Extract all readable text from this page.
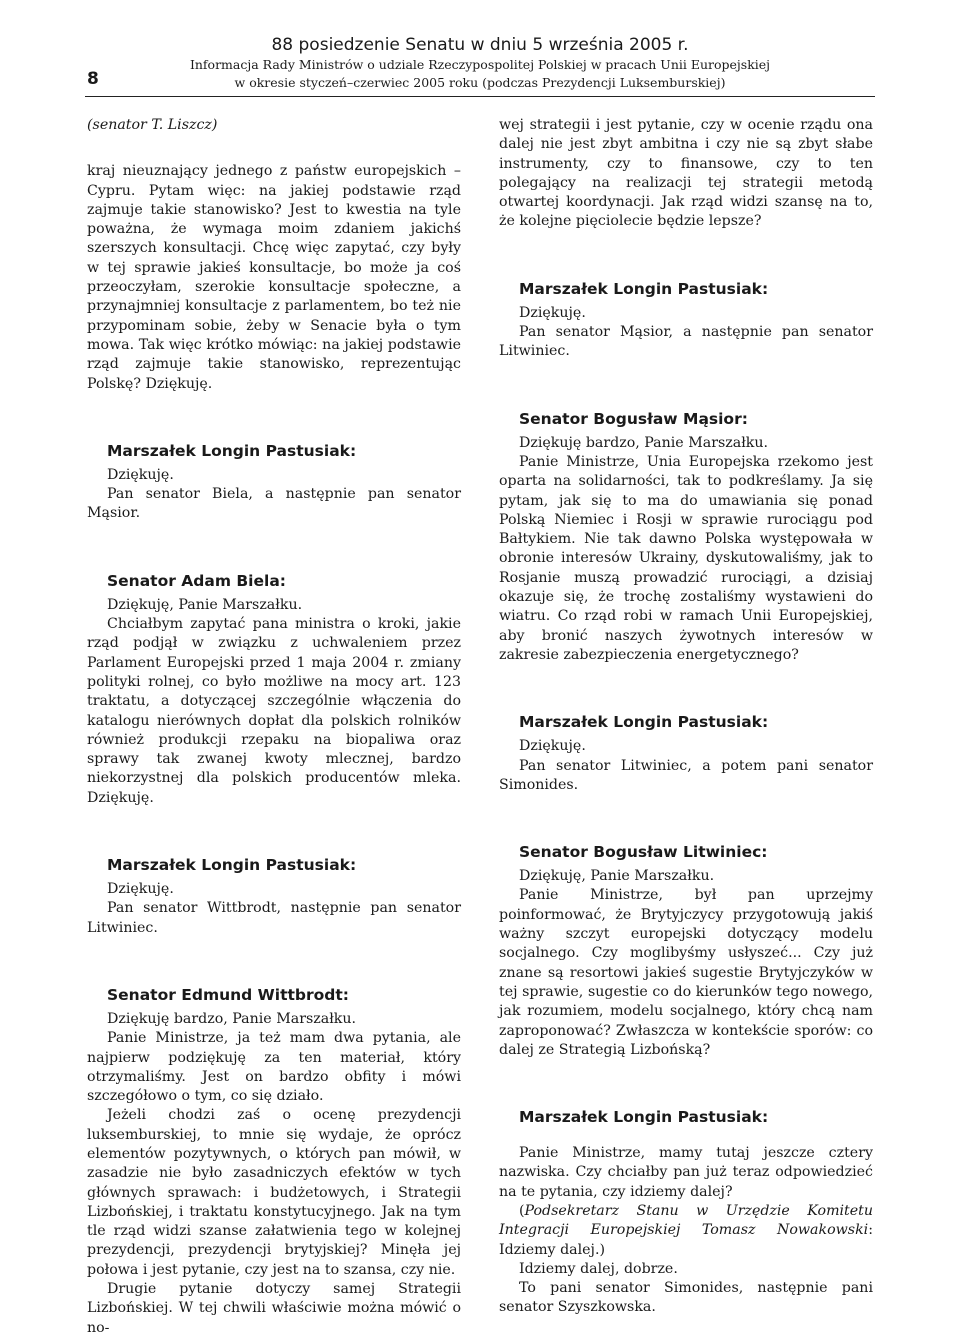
8
88 posiedzenie Senatu w dniu 5 września 2005 r.
Informacja Rady Ministrów o udziale Rzeczypospolitej Polskiej w pracach Unii Europejskiej
w okresie styczeń–czerwiec 2005 roku (podczas Prezydencji Luksemburskiej)

(senator T. Liszcz)

kraj nieuznający jednego z państw europejskich – Cypru. Pytam więc: na jakiej podstawie rząd zajmuje takie stanowisko? Jest to kwestia na tyle poważna, że wymaga moim zdaniem jakichś szerszych konsultacji. Chcę więc zapytać, czy były w tej sprawie jakieś konsultacje, bo może ja coś przeoczyłam, szerokie konsultacje społeczne, a przynajmniej konsultacje z parlamentem, bo też nie przypominam sobie, żeby w Senacie była o tym mowa. Tak więc krótko mówiąc: na jakiej podstawie rząd zajmuje takie stanowisko, reprezentując Polskę? Dziękuję.

Marszałek Longin Pastusiak:

Dziękuję.

Pan senator Biela, a następnie pan senator Mąsior.

Senator Adam Biela:

Dziękuję, Panie Marszałku.

Chciałbym zapytać pana ministra o kroki, jakie rząd podjął w związku z uchwaleniem przez Parlament Europejski przed 1 maja 2004 r. zmiany polityki rolnej, co było możliwe na mocy art. 123 traktatu, a dotyczącej szczególnie włączenia do katalogu nierównych dopłat dla polskich rolników również produkcji rzepaku na biopaliwa oraz sprawy tak zwanej kwoty mlecznej, bardzo niekorzystnej dla polskich producentów mleka. Dziękuję.

Marszałek Longin Pastusiak:

Dziękuję.

Pan senator Wittbrodt, następnie pan senator Litwiniec.

Senator Edmund Wittbrodt:

Dziękuję bardzo, Panie Marszałku.

Panie Ministrze, ja też mam dwa pytania, ale najpierw podziękuję za ten materiał, który otrzymaliśmy. Jest on bardzo obfity i mówi szczegółowo o tym, co się działo.

Jeżeli chodzi zaś o ocenę prezydencji luksemburskiej, to mnie się wydaje, że oprócz elementów pozytywnych, o których pan mówił, w zasadzie nie było zasadniczych efektów w tych głównych sprawach: i budżetowych, i Strategii Lizbońskiej, i traktatu konstytucyjnego. Jak na tym tle rząd widzi szanse załatwienia tego w kolejnej prezydencji, prezydencji brytyjskiej? Minęła jej połowa i jest pytanie, czy jest na to szansa, czy nie.

Drugie pytanie dotyczy samej Strategii Lizbońskiej. W tej chwili właściwie można mówić o no-

wej strategii i jest pytanie, czy w ocenie rządu ona dalej nie jest zbyt ambitna i czy nie są zbyt słabe instrumenty, czy to finansowe, czy to ten polegający na realizacji tej strategii metodą otwartej koordynacji. Jak rząd widzi szansę na to, że kolejne pięciolecie będzie lepsze?

Marszałek Longin Pastusiak:

Dziękuję.

Pan senator Mąsior, a następnie pan senator Litwiniec.

Senator Bogusław Mąsior:

Dziękuję bardzo, Panie Marszałku.

Panie Ministrze, Unia Europejska rzekomo jest oparta na solidarności, tak to podkreślamy. Ja się pytam, jak się to ma do umawiania się ponad Polską Niemiec i Rosji w sprawie rurociągu pod Bałtykiem. Nie tak dawno Polska występowała w obronie interesów Ukrainy, dyskutowaliśmy, jak to Rosjanie muszą prowadzić rurociągi, a dzisiaj okazuje się, że trochę zostaliśmy wystawieni do wiatru. Co rząd robi w ramach Unii Europejskiej, aby bronić naszych żywotnych interesów w zakresie zabezpieczenia energetycznego?

Marszałek Longin Pastusiak:

Dziękuję.

Pan senator Litwiniec, a potem pani senator Simonides.

Senator Bogusław Litwiniec:

Dziękuję, Panie Marszałku.

Panie Ministrze, był pan uprzejmy poinformować, że Brytyjczycy przygotowują jakiś ważny szczyt europejski dotyczący modelu socjalnego. Czy moglibyśmy usłyszeć... Czy już znane są resortowi jakieś sugestie Brytyjczyków w tej sprawie, sugestie co do kierunków tego nowego, jak rozumiem, modelu socjalnego, który chcą nam zaproponować? Zwłaszcza w kontekście sporów: co dalej ze Strategią Lizbońską?

Marszałek Longin Pastusiak:

Panie Ministrze, mamy tutaj jeszcze cztery nazwiska. Czy chciałby pan już teraz odpowiedzieć na te pytania, czy idziemy dalej?

(Podsekretarz Stanu w Urzędzie Komitetu Integracji Europejskiej Tomasz Nowakowski: Idziemy dalej.)

Idziemy dalej, dobrze.

To pani senator Simonides, następnie pani senator Szyszkowska.
